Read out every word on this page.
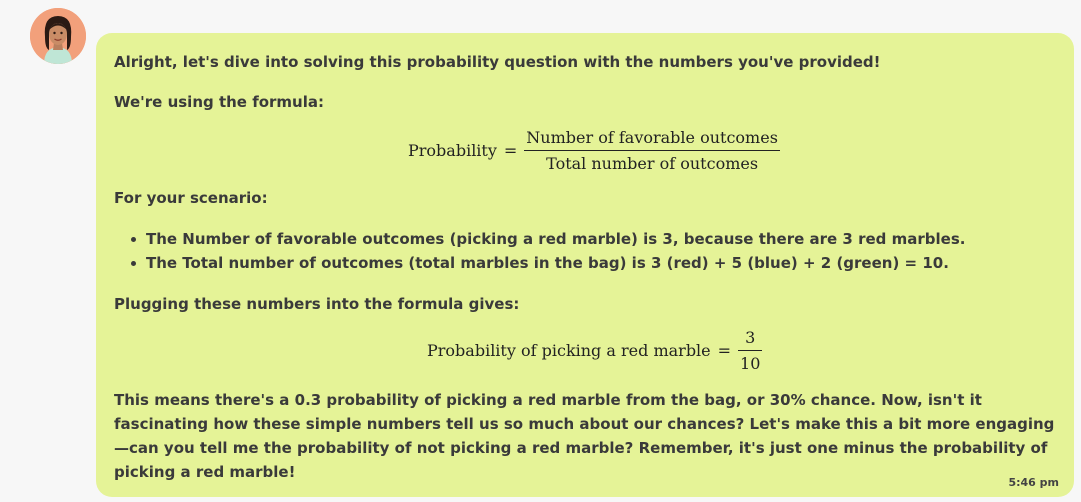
Alright, let's dive into solving this probability question with the numbers you've provided!
We're using the formula:
Probability = $\frac{\text{Number of favorable outcomes}}{\text{Total number of outcomes}}$
For your scenario:
The Number of favorable outcomes (picking a red marble) is 3, because there are 3 red marbles.
The Total number of outcomes (total marbles in the bag) is 3 (red) + 5 (blue) + 2 (green) = 10.
Plugging these numbers into the formula gives:
Probability of picking a red marble = $\frac{3}{10}$
This means there's a 0.3 probability of picking a red marble from the bag, or 30% chance. Now, isn't it fascinating how these simple numbers tell us so much about our chances? Let's make this a bit more engaging—can you tell me the probability of not picking a red marble? Remember, it's just one minus the probability of picking a red marble!
5:46 pm
